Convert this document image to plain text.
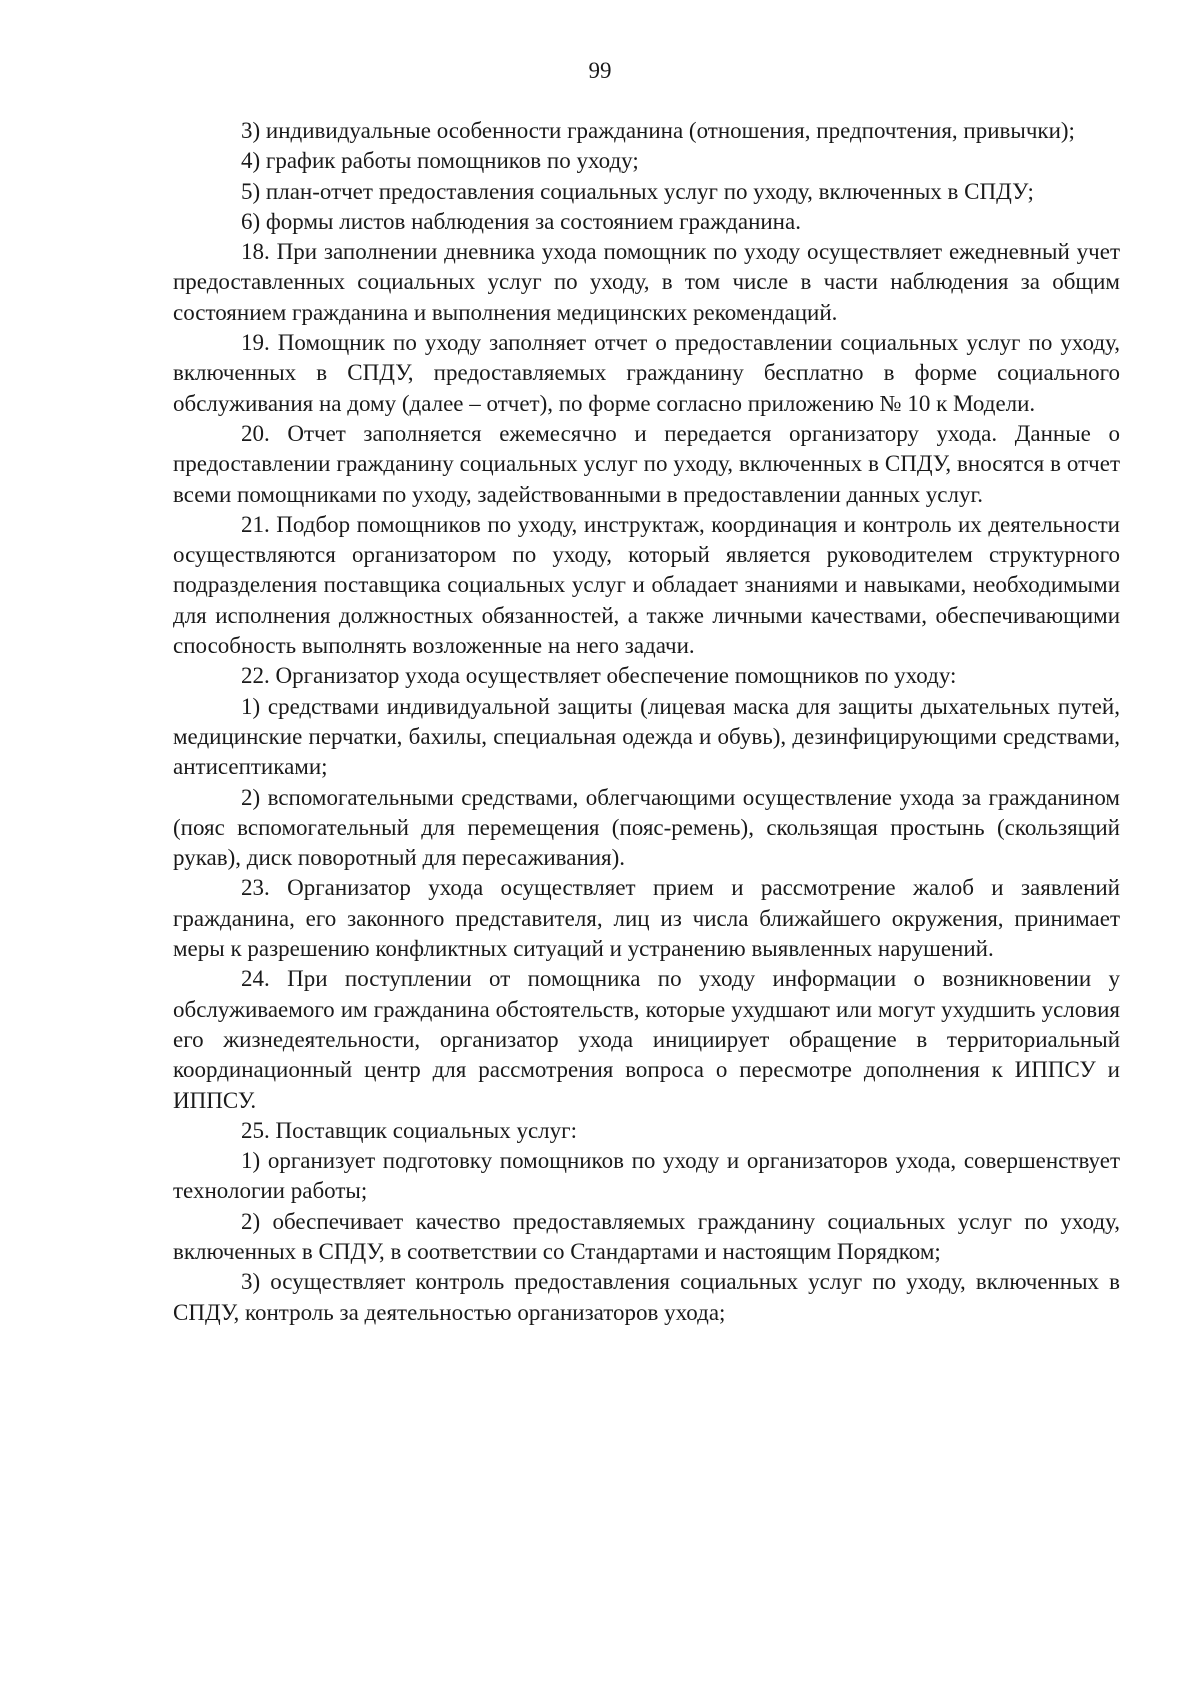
99

3) индивидуальные особенности гражданина (отношения, предпочтения, привычки);

4) график работы помощников по уходу;

5) план-отчет предоставления социальных услуг по уходу, включенных в СПДУ;

6) формы листов наблюдения за состоянием гражданина.

18. При заполнении дневника ухода помощник по уходу осуществляет ежедневный учет предоставленных социальных услуг по уходу, в том числе в части наблюдения за общим состоянием гражданина и выполнения медицинских рекомендаций.

19. Помощник по уходу заполняет отчет о предоставлении социальных услуг по уходу, включенных в СПДУ, предоставляемых гражданину бесплатно в форме социального обслуживания на дому (далее – отчет), по форме согласно приложению № 10 к Модели.

20. Отчет заполняется ежемесячно и передается организатору ухода. Данные о предоставлении гражданину социальных услуг по уходу, включенных в СПДУ, вносятся в отчет всеми помощниками по уходу, задействованными в предоставлении данных услуг.

21. Подбор помощников по уходу, инструктаж, координация и контроль их деятельности осуществляются организатором по уходу, который является руководителем структурного подразделения поставщика социальных услуг и обладает знаниями и навыками, необходимыми для исполнения должностных обязанностей, а также личными качествами, обеспечивающими способность выполнять возложенные на него задачи.

22. Организатор ухода осуществляет обеспечение помощников по уходу:

1) средствами индивидуальной защиты (лицевая маска для защиты дыхательных путей, медицинские перчатки, бахилы, специальная одежда и обувь), дезинфицирующими средствами, антисептиками;

2) вспомогательными средствами, облегчающими осуществление ухода за гражданином (пояс вспомогательный для перемещения (пояс-ремень), скользящая простынь (скользящий рукав), диск поворотный для пересаживания).

23. Организатор ухода осуществляет прием и рассмотрение жалоб и заявлений гражданина, его законного представителя, лиц из числа ближайшего окружения, принимает меры к разрешению конфликтных ситуаций и устранению выявленных нарушений.

24. При поступлении от помощника по уходу информации о возникновении у обслуживаемого им гражданина обстоятельств, которые ухудшают или могут ухудшить условия его жизнедеятельности, организатор ухода инициирует обращение в территориальный координационный центр для рассмотрения вопроса о пересмотре дополнения к ИППСУ и ИППСУ.

25. Поставщик социальных услуг:

1) организует подготовку помощников по уходу и организаторов ухода, совершенствует технологии работы;

2) обеспечивает качество предоставляемых гражданину социальных услуг по уходу, включенных в СПДУ, в соответствии со Стандартами и настоящим Порядком;

3) осуществляет контроль предоставления социальных услуг по уходу, включенных в СПДУ, контроль за деятельностью организаторов ухода;
